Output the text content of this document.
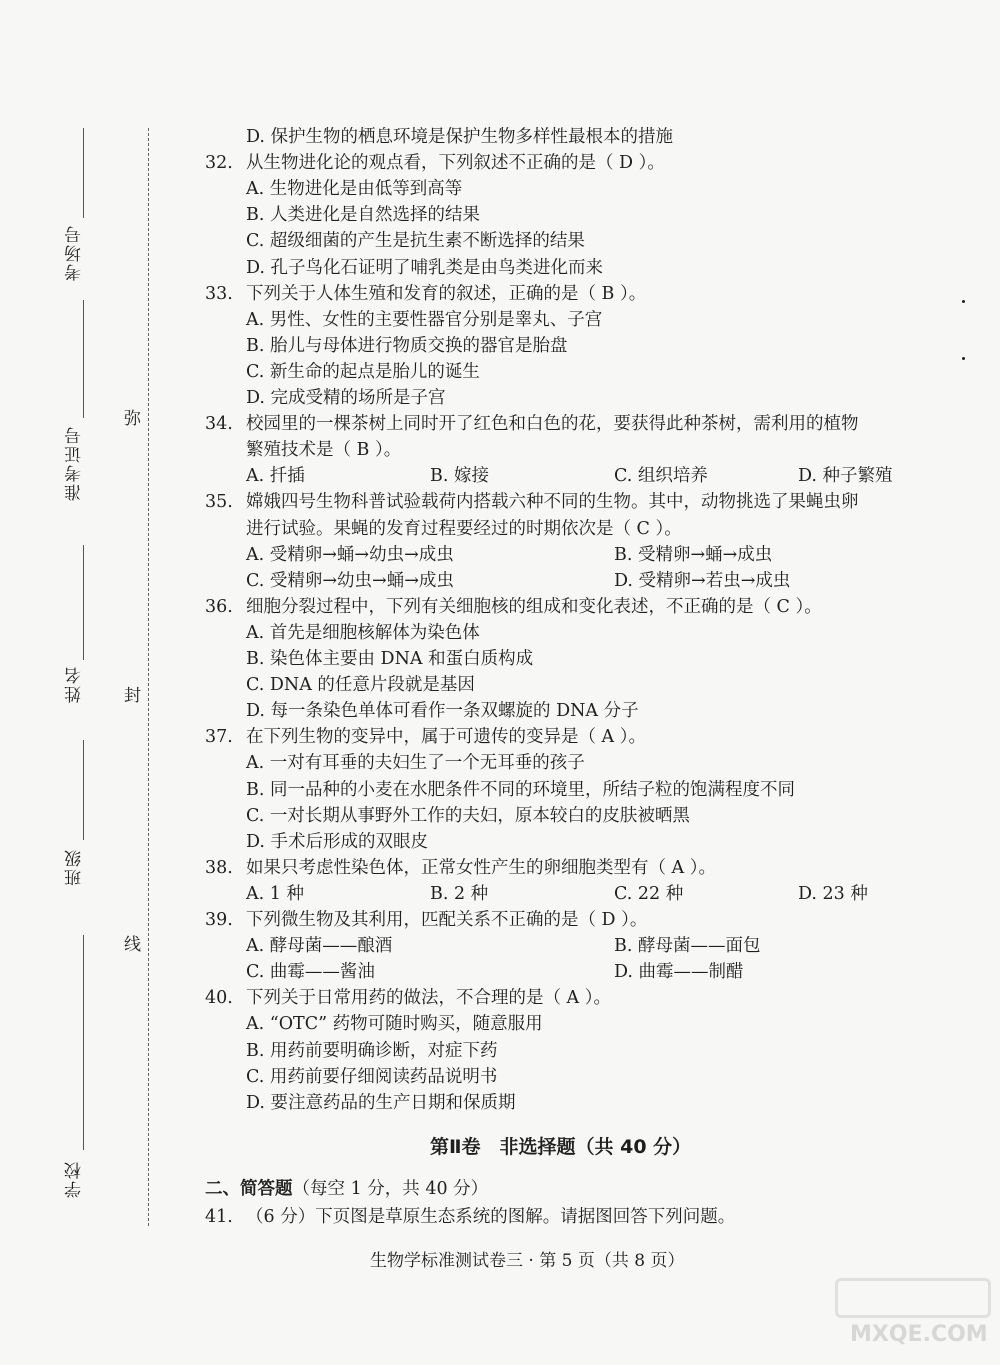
考场号
准考证号
姓名
班级
学校
弥
封
线
D. 保护生物的栖息环境是保护生物多样性最根本的措施
32. 从生物进化论的观点看，下列叙述不正确的是（ D ）。
A. 生物进化是由低等到高等
B. 人类进化是自然选择的结果
C. 超级细菌的产生是抗生素不断选择的结果
D. 孔子鸟化石证明了哺乳类是由鸟类进化而来
33. 下列关于人体生殖和发育的叙述，正确的是（ B ）。
A. 男性、女性的主要性器官分别是睾丸、子宫
B. 胎儿与母体进行物质交换的器官是胎盘
C. 新生命的起点是胎儿的诞生
D. 完成受精的场所是子宫
34. 校园里的一棵茶树上同时开了红色和白色的花，要获得此种茶树，需利用的植物
繁殖技术是（ B ）。
A. 扦插	B. 嫁接	C. 组织培养	D. 种子繁殖
35. 嫦娥四号生物科普试验载荷内搭载六种不同的生物。其中，动物挑选了果蝇虫卵
进行试验。果蝇的发育过程要经过的时期依次是（ C ）。
A. 受精卵→蛹→幼虫→成虫	B. 受精卵→蛹→成虫
C. 受精卵→幼虫→蛹→成虫	D. 受精卵→若虫→成虫
36. 细胞分裂过程中，下列有关细胞核的组成和变化表述，不正确的是（ C ）。
A. 首先是细胞核解体为染色体
B. 染色体主要由 DNA 和蛋白质构成
C. DNA 的任意片段就是基因
D. 每一条染色单体可看作一条双螺旋的 DNA 分子
37. 在下列生物的变异中，属于可遗传的变异是（ A ）。
A. 一对有耳垂的夫妇生了一个无耳垂的孩子
B. 同一品种的小麦在水肥条件不同的环境里，所结子粒的饱满程度不同
C. 一对长期从事野外工作的夫妇，原本较白的皮肤被晒黑
D. 手术后形成的双眼皮
38. 如果只考虑性染色体，正常女性产生的卵细胞类型有（ A ）。
A. 1 种	B. 2 种	C. 22 种	D. 23 种
39. 下列微生物及其利用，匹配关系不正确的是（ D ）。
A. 酵母菌——酿酒	B. 酵母菌——面包
C. 曲霉——酱油	D. 曲霉——制醋
40. 下列关于日常用药的做法，不合理的是（ A ）。
A. “OTC” 药物可随时购买，随意服用
B. 用药前要明确诊断，对症下药
C. 用药前要仔细阅读药品说明书
D. 要注意药品的生产日期和保质期
第Ⅱ卷　非选择题（共 40 分）
二、简答题（每空 1 分，共 40 分）
41. （6 分）下页图是草原生态系统的图解。请据图回答下列问题。
生物学标准测试卷三 · 第 5 页（共 8 页）
MXQE.COM
